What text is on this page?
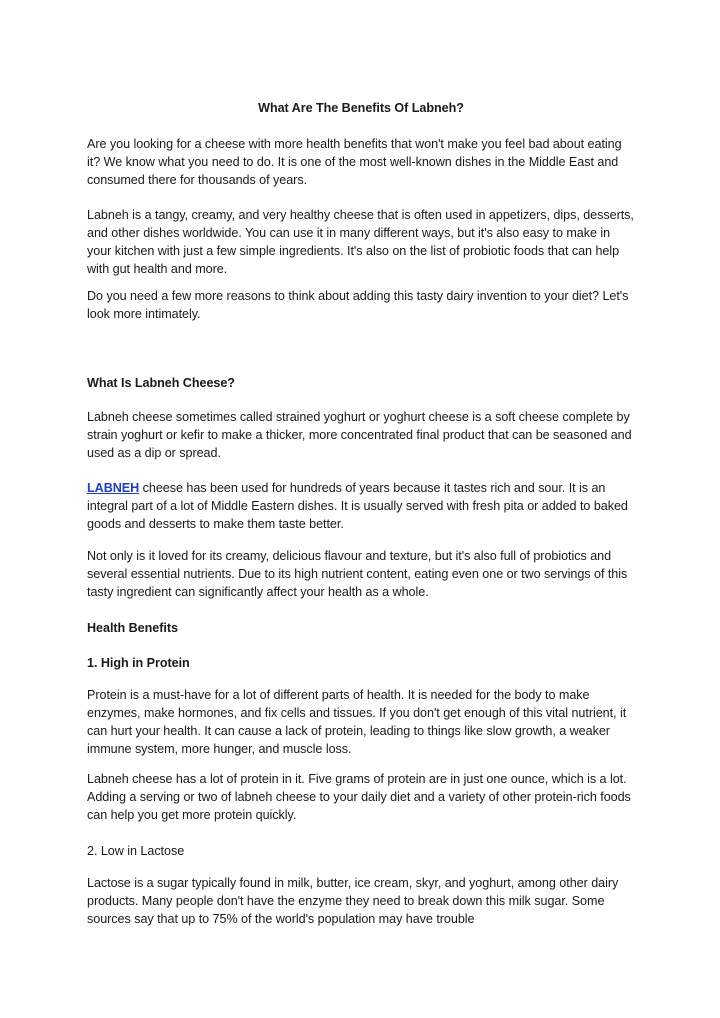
What Are The Benefits Of Labneh?

Are you looking for a cheese with more health benefits that won't make you feel bad about eating it? We know what you need to do. It is one of the most well-known dishes in the Middle East and consumed there for thousands of years.

Labneh is a tangy, creamy, and very healthy cheese that is often used in appetizers, dips, desserts, and other dishes worldwide. You can use it in many different ways, but it's also easy to make in your kitchen with just a few simple ingredients. It's also on the list of probiotic foods that can help with gut health and more.

Do you need a few more reasons to think about adding this tasty dairy invention to your diet? Let's look more intimately.

What Is Labneh Cheese?

Labneh cheese sometimes called strained yoghurt or yoghurt cheese is a soft cheese complete by strain yoghurt or kefir to make a thicker, more concentrated final product that can be seasoned and used as a dip or spread.

LABNEH cheese has been used for hundreds of years because it tastes rich and sour. It is an integral part of a lot of Middle Eastern dishes. It is usually served with fresh pita or added to baked goods and desserts to make them taste better.

Not only is it loved for its creamy, delicious flavour and texture, but it's also full of probiotics and several essential nutrients. Due to its high nutrient content, eating even one or two servings of this tasty ingredient can significantly affect your health as a whole.

Health Benefits
1. High in Protein

Protein is a must-have for a lot of different parts of health. It is needed for the body to make enzymes, make hormones, and fix cells and tissues. If you don't get enough of this vital nutrient, it can hurt your health. It can cause a lack of protein, leading to things like slow growth, a weaker immune system, more hunger, and muscle loss.

Labneh cheese has a lot of protein in it. Five grams of protein are in just one ounce, which is a lot. Adding a serving or two of labneh cheese to your daily diet and a variety of other protein-rich foods can help you get more protein quickly.

2. Low in Lactose

Lactose is a sugar typically found in milk, butter, ice cream, skyr, and yoghurt, among other dairy products. Many people don't have the enzyme they need to break down this milk sugar. Some sources say that up to 75% of the world's population may have trouble
